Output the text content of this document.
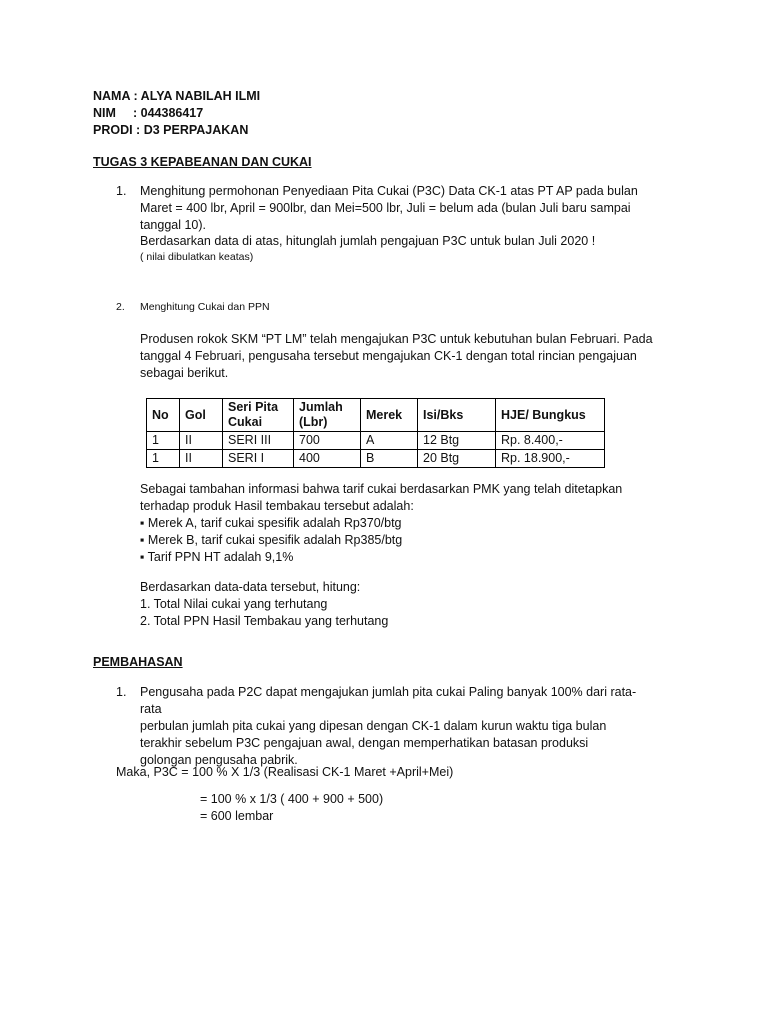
NAMA : ALYA NABILAH ILMI
NIM : 044386417
PRODI : D3 PERPAJAKAN
TUGAS 3 KEPABEANAN DAN CUKAI
1. Menghitung permohonan Penyediaan Pita Cukai (P3C) Data CK-1 atas PT AP pada bulan
Maret = 400 lbr, April = 900lbr, dan Mei=500 lbr, Juli = belum ada (bulan Juli baru sampai
tanggal 10).
Berdasarkan data di atas, hitunglah jumlah pengajuan P3C untuk bulan Juli 2020 !
( nilai dibulatkan keatas)
2. Menghitung Cukai dan PPN
Produsen rokok SKM “PT LM” telah mengajukan P3C untuk kebutuhan bulan Februari. Pada
tanggal 4 Februari, pengusaha tersebut mengajukan CK-1 dengan total rincian pengajuan
sebagai berikut.
No	Gol	Seri Pita Cukai	Jumlah (Lbr)	Merek	Isi/Bks	HJE/ Bungkus
1	II	SERI III	700	A	12 Btg	Rp. 8.400,-
1	II	SERI I	400	B	20 Btg	Rp. 18.900,-
Sebagai tambahan informasi bahwa tarif cukai berdasarkan PMK yang telah ditetapkan
terhadap produk Hasil tembakau tersebut adalah:
▪ Merek A, tarif cukai spesifik adalah Rp370/btg
▪ Merek B, tarif cukai spesifik adalah Rp385/btg
▪ Tarif PPN HT adalah 9,1%
Berdasarkan data-data tersebut, hitung:
1. Total Nilai cukai yang terhutang
2. Total PPN Hasil Tembakau yang terhutang
PEMBAHASAN
1. Pengusaha pada P2C dapat mengajukan jumlah pita cukai Paling banyak 100% dari rata-rata
perbulan jumlah pita cukai yang dipesan dengan CK-1 dalam kurun waktu tiga bulan
terakhir sebelum P3C pengajuan awal, dengan memperhatikan batasan produksi
golongan pengusaha pabrik.
Maka, P3C = 100 % X 1/3 (Realisasi CK-1 Maret +April+Mei)
= 100 % x 1/3 ( 400 + 900 + 500)
= 600 lembar
